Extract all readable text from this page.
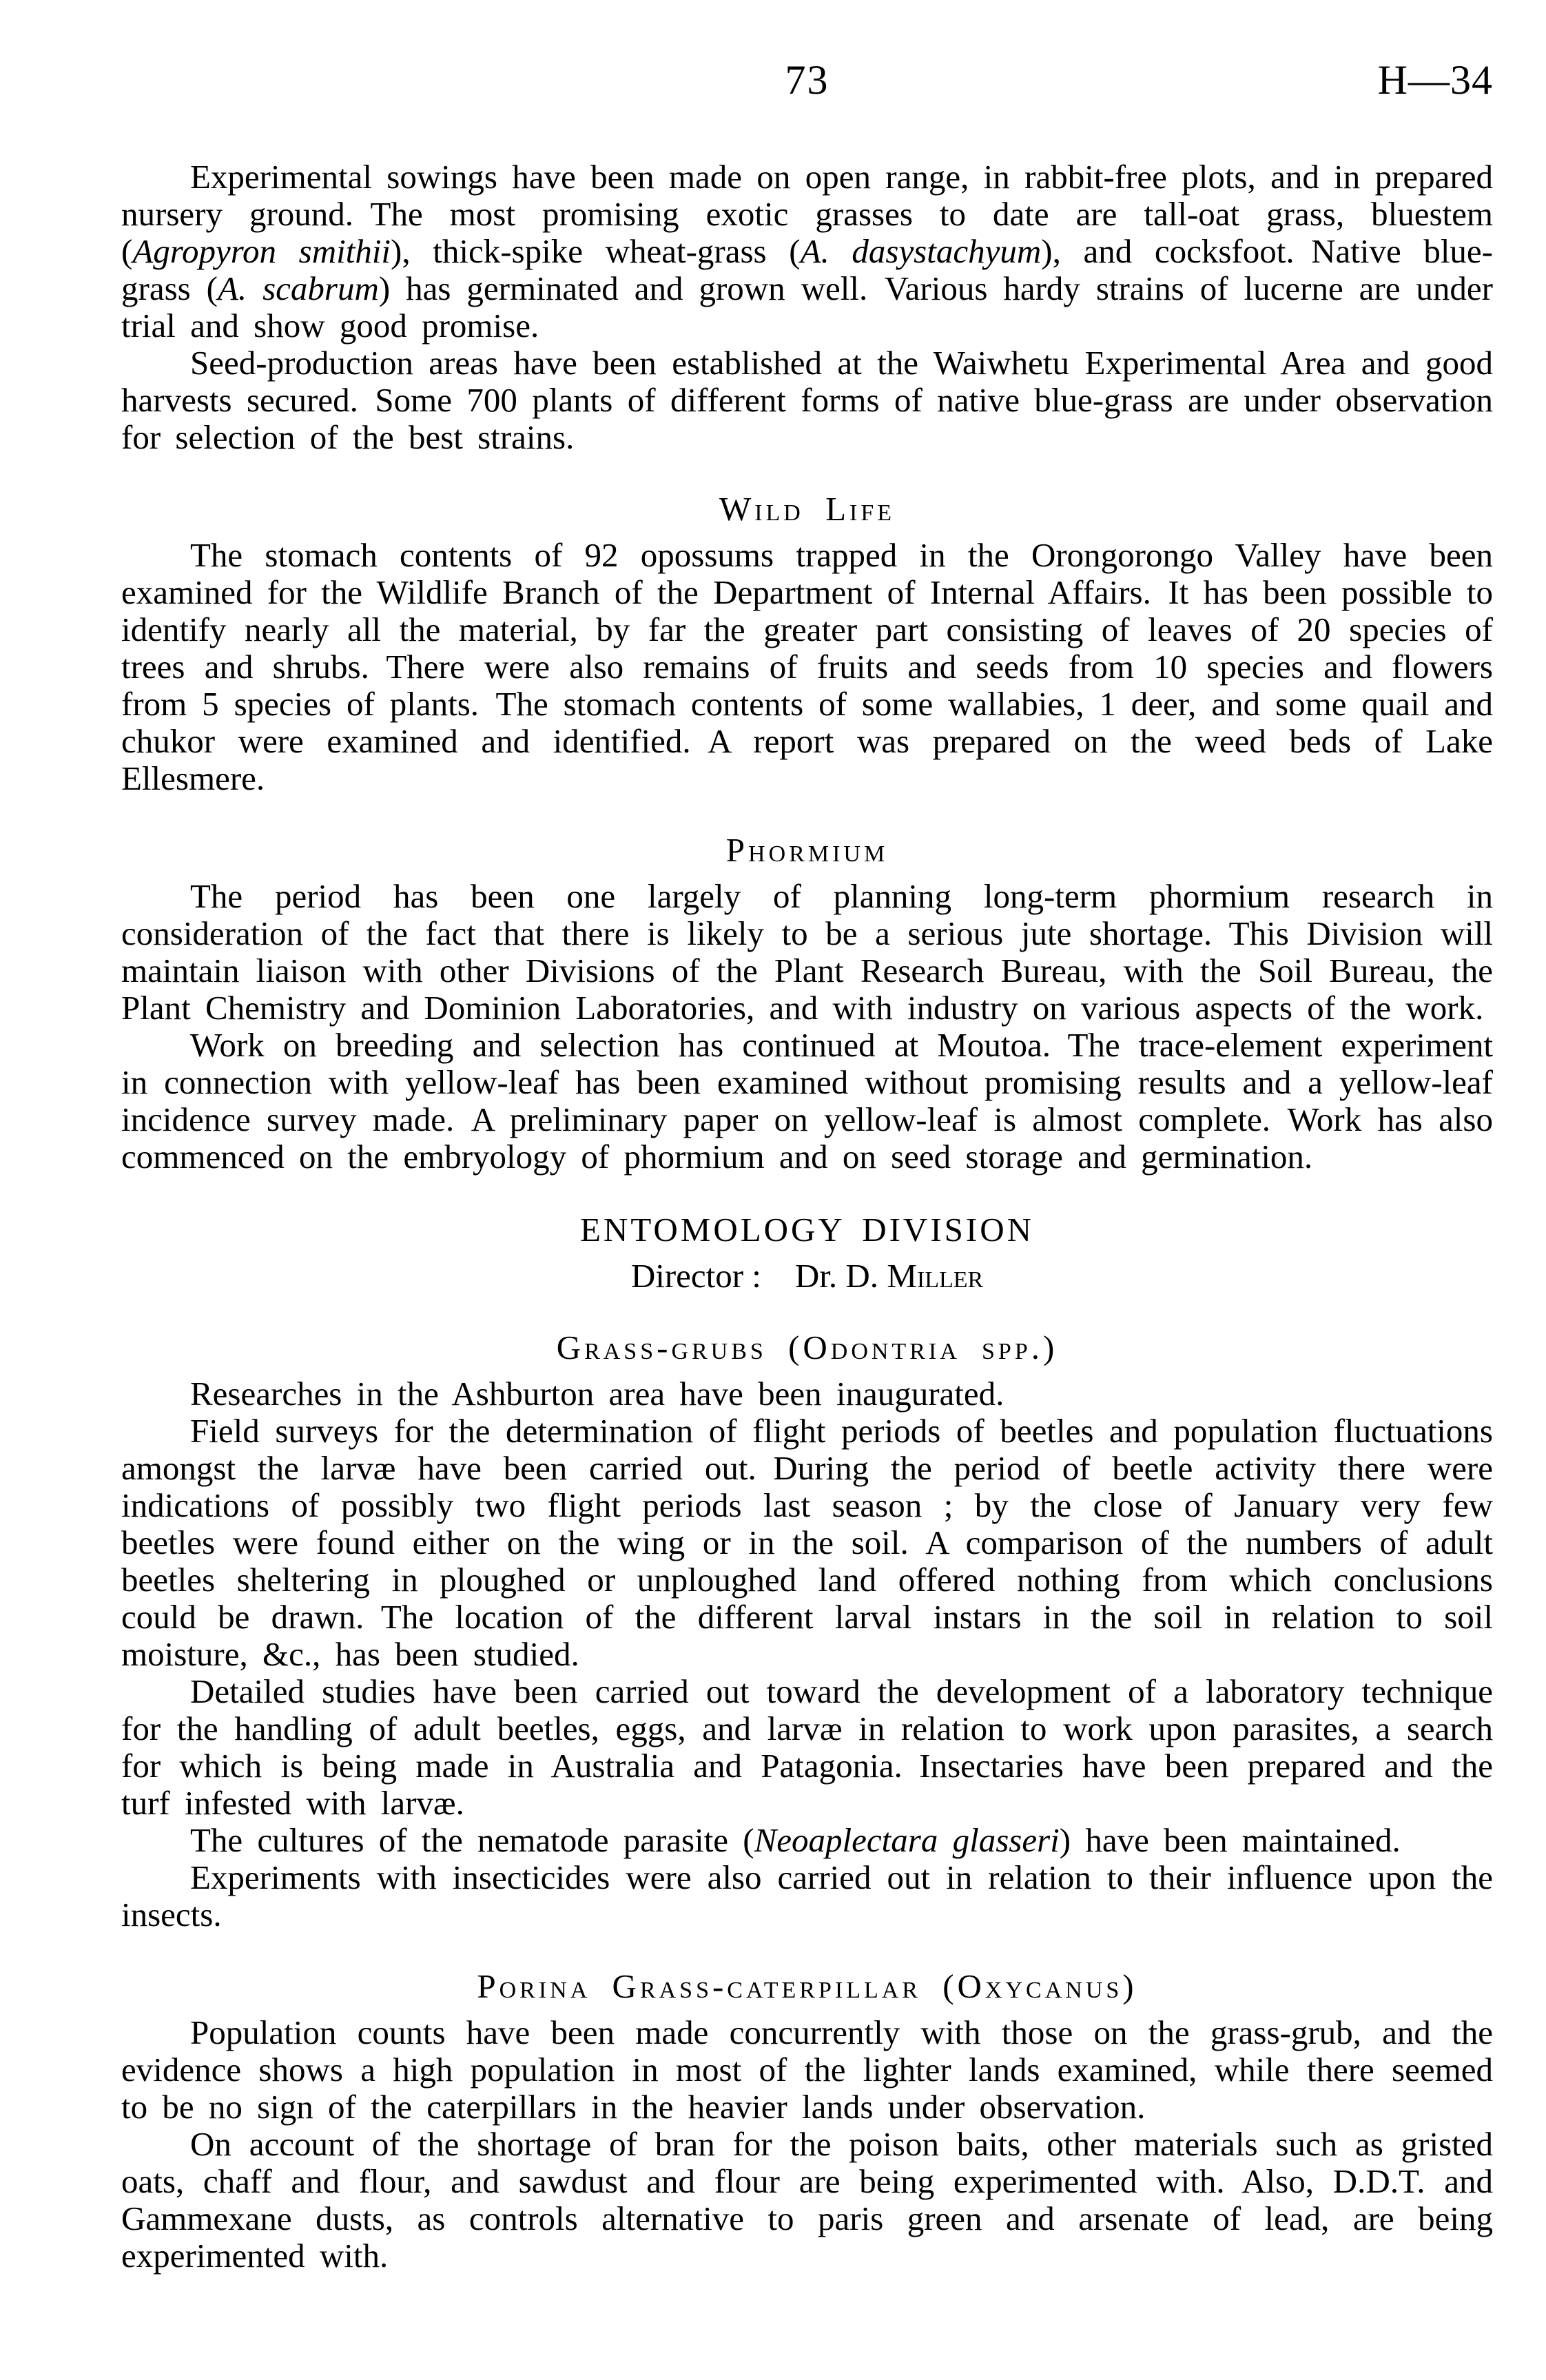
73	H—34

Experimental sowings have been made on open range, in rabbit-free plots, and in prepared nursery ground. The most promising exotic grasses to date are tall-oat grass, bluestem (Agropyron smithii), thick-spike wheat-grass (A. dasystachyum), and cocksfoot. Native blue-grass (A. scabrum) has germinated and grown well. Various hardy strains of lucerne are under trial and show good promise.

Seed-production areas have been established at the Waiwhetu Experimental Area and good harvests secured. Some 700 plants of different forms of native blue-grass are under observation for selection of the best strains.

Wild Life

The stomach contents of 92 opossums trapped in the Orongorongo Valley have been examined for the Wildlife Branch of the Department of Internal Affairs. It has been possible to identify nearly all the material, by far the greater part consisting of leaves of 20 species of trees and shrubs. There were also remains of fruits and seeds from 10 species and flowers from 5 species of plants. The stomach contents of some wallabies, 1 deer, and some quail and chukor were examined and identified. A report was prepared on the weed beds of Lake Ellesmere.

Phormium

The period has been one largely of planning long-term phormium research in consideration of the fact that there is likely to be a serious jute shortage. This Division will maintain liaison with other Divisions of the Plant Research Bureau, with the Soil Bureau, the Plant Chemistry and Dominion Laboratories, and with industry on various aspects of the work.

Work on breeding and selection has continued at Moutoa. The trace-element experiment in connection with yellow-leaf has been examined without promising results and a yellow-leaf incidence survey made. A preliminary paper on yellow-leaf is almost complete. Work has also commenced on the embryology of phormium and on seed storage and germination.

ENTOMOLOGY DIVISION

Director : Dr. D. Miller

Grass-grubs (Odontria spp.)

Researches in the Ashburton area have been inaugurated.

Field surveys for the determination of flight periods of beetles and population fluctuations amongst the larvæ have been carried out. During the period of beetle activity there were indications of possibly two flight periods last season ; by the close of January very few beetles were found either on the wing or in the soil. A comparison of the numbers of adult beetles sheltering in ploughed or unploughed land offered nothing from which conclusions could be drawn. The location of the different larval instars in the soil in relation to soil moisture, &c., has been studied.

Detailed studies have been carried out toward the development of a laboratory technique for the handling of adult beetles, eggs, and larvæ in relation to work upon parasites, a search for which is being made in Australia and Patagonia. Insectaries have been prepared and the turf infested with larvæ.

The cultures of the nematode parasite (Neoaplectara glasseri) have been maintained.

Experiments with insecticides were also carried out in relation to their influence upon the insects.

Porina Grass-caterpillar (Oxycanus)

Population counts have been made concurrently with those on the grass-grub, and the evidence shows a high population in most of the lighter lands examined, while there seemed to be no sign of the caterpillars in the heavier lands under observation.

On account of the shortage of bran for the poison baits, other materials such as gristed oats, chaff and flour, and sawdust and flour are being experimented with. Also, D.D.T. and Gammexane dusts, as controls alternative to paris green and arsenate of lead, are being experimented with.
